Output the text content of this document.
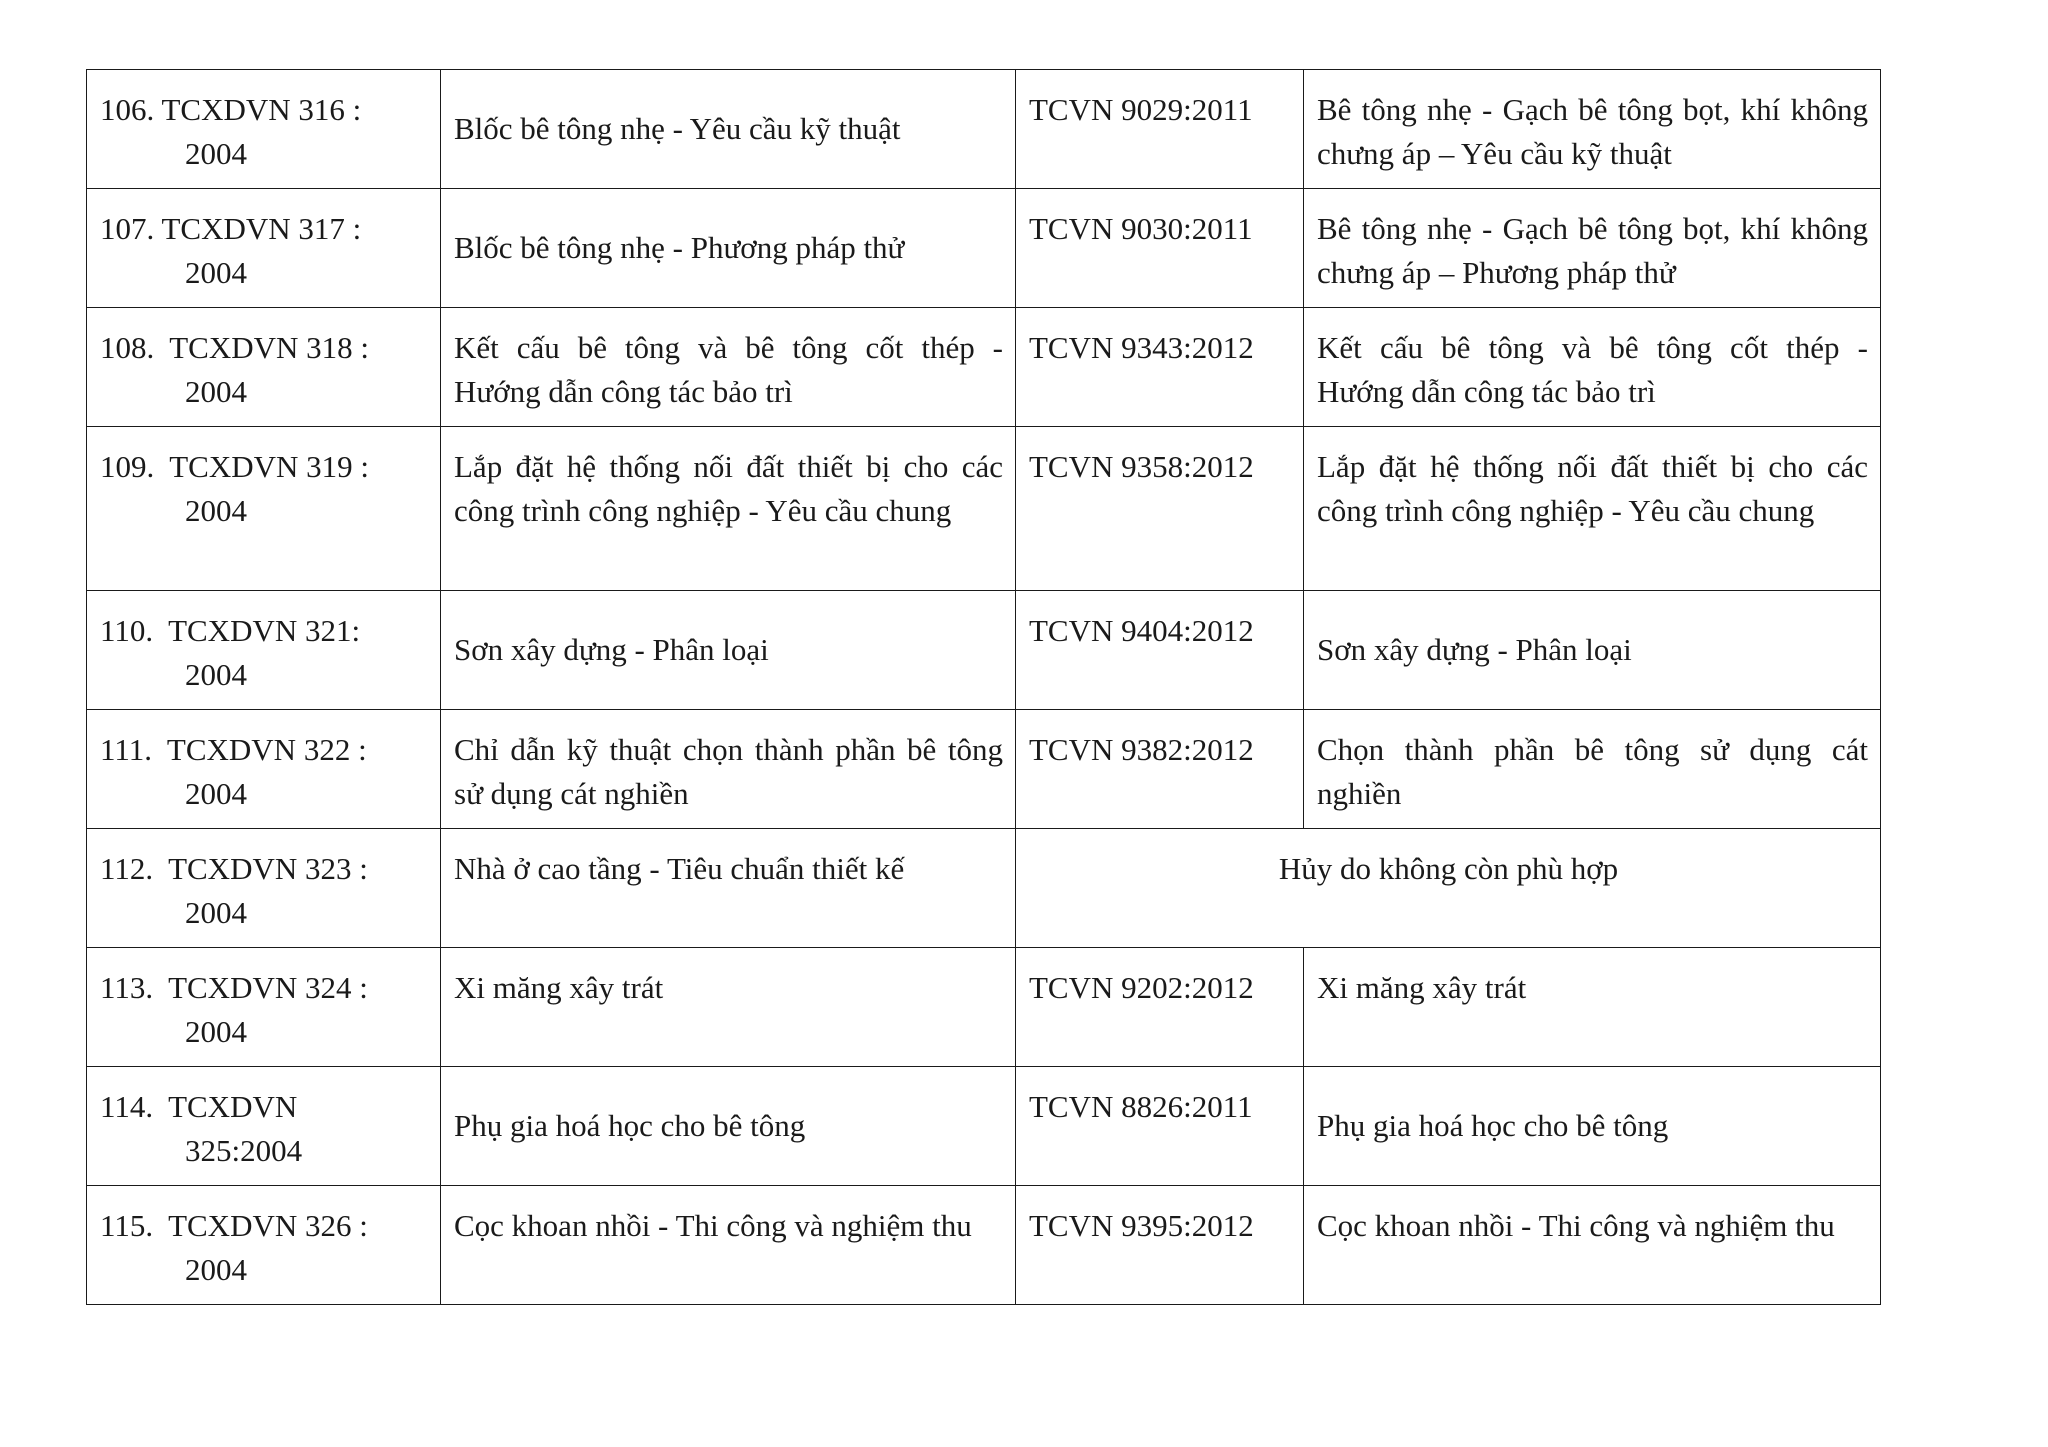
106. TCXDVN 316 :
2004	Blốc bê tông nhẹ - Yêu cầu kỹ thuật	TCVN 9029:2011	Bê tông nhẹ - Gạch bê tông bọt, khí không chưng áp – Yêu cầu kỹ thuật

107. TCXDVN 317 :
2004	Blốc bê tông nhẹ - Phương pháp thử	TCVN 9030:2011	Bê tông nhẹ - Gạch bê tông bọt, khí không chưng áp – Phương pháp thử

108. TCXDVN 318 :
2004	Kết cấu bê tông và bê tông cốt thép - Hướng dẫn công tác bảo trì	TCVN 9343:2012	Kết cấu bê tông và bê tông cốt thép - Hướng dẫn công tác bảo trì

109. TCXDVN 319 :
2004	Lắp đặt hệ thống nối đất thiết bị cho các công trình công nghiệp - Yêu cầu chung	TCVN 9358:2012	Lắp đặt hệ thống nối đất thiết bị cho các công trình công nghiệp - Yêu cầu chung

110. TCXDVN 321:
2004	Sơn xây dựng - Phân loại	TCVN 9404:2012	Sơn xây dựng - Phân loại

111. TCXDVN 322 :
2004	Chỉ dẫn kỹ thuật chọn thành phần bê tông sử dụng cát nghiền	TCVN 9382:2012	Chọn thành phần bê tông sử dụng cát nghiền

112. TCXDVN 323 :
2004	Nhà ở cao tầng - Tiêu chuẩn thiết kế	Hủy do không còn phù hợp	

113. TCXDVN 324 :
2004	Xi măng xây trát	TCVN 9202:2012	Xi măng xây trát

114. TCXDVN
325:2004	Phụ gia hoá học cho bê tông	TCVN 8826:2011	Phụ gia hoá học cho bê tông

115. TCXDVN 326 :
2004	Cọc khoan nhồi - Thi công và nghiệm thu	TCVN 9395:2012	Cọc khoan nhồi - Thi công và nghiệm thu
